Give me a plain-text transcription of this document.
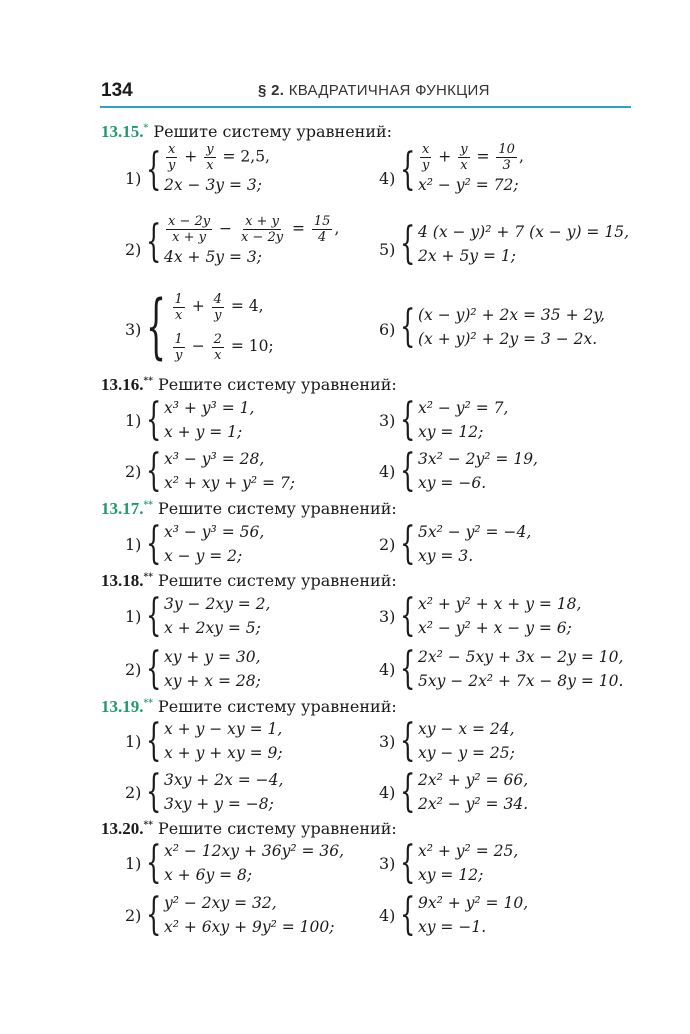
134	§ 2. КВАДРАТИЧНАЯ ФУНКЦИЯ
13.15.* Решите систему уравнений:
1) { $\frac{x}{y} + \frac{y}{x} = 2,5$,
2x − 3y = 3;	4) { $\frac{x}{y} + \frac{y}{x} = \frac{10}{3}$ ,
x² − y² = 72;
2) { $\frac{x - 2y}{x + y} - \frac{x + y}{x - 2y} = \frac{15}{4}$ ,
4x + 5y = 3;	5) { 4 (x − y)² + 7 (x − y) = 15,
2x + 5y = 1;
3) { $\frac{1}{x} + \frac{4}{y} = 4$,
$\frac{1}{y} - \frac{2}{x} = 10$;
6) { (x − y)² + 2x = 35 + 2y,
(x + y)² + 2y = 3 − 2x.
13.16.** Решите систему уравнений:
1) { x³ + y³ = 1,
x + y = 1;
3) { x² − y² = 7,
xy = 12;
2) { x³ − y³ = 28,
x² + xy + y² = 7;
4) { 3x² − 2y² = 19,
xy = −6.
13.17.** Решите систему уравнений:
1) { x³ − y³ = 56,
x − y = 2;
2) { 5x² − y² = −4,
xy = 3.
13.18.** Решите систему уравнений:
1) { 3y − 2xy = 2,
x + 2xy = 5;
3) { x² + y² + x + y = 18,
x² − y² + x − y = 6;
2) { xy + y = 30,
xy + x = 28;
4) { 2x² − 5xy + 3x − 2y = 10,
5xy − 2x² + 7x − 8y = 10.
13.19.** Решите систему уравнений:
1) { x + y − xy = 1,
x + y + xy = 9;
3) { xy − x = 24,
xy − y = 25;
2) { 3xy + 2x = −4,
3xy + y = −8;
4) { 2x² + y² = 66,
2x² − y² = 34.
13.20.** Решите систему уравнений:
1) { x² − 12xy + 36y² = 36,
x + 6y = 8;
3) { x² + y² = 25,
xy = 12;
2) { y² − 2xy = 32,
x² + 6xy + 9y² = 100;
4) { 9x² + y² = 10,
xy = −1.
